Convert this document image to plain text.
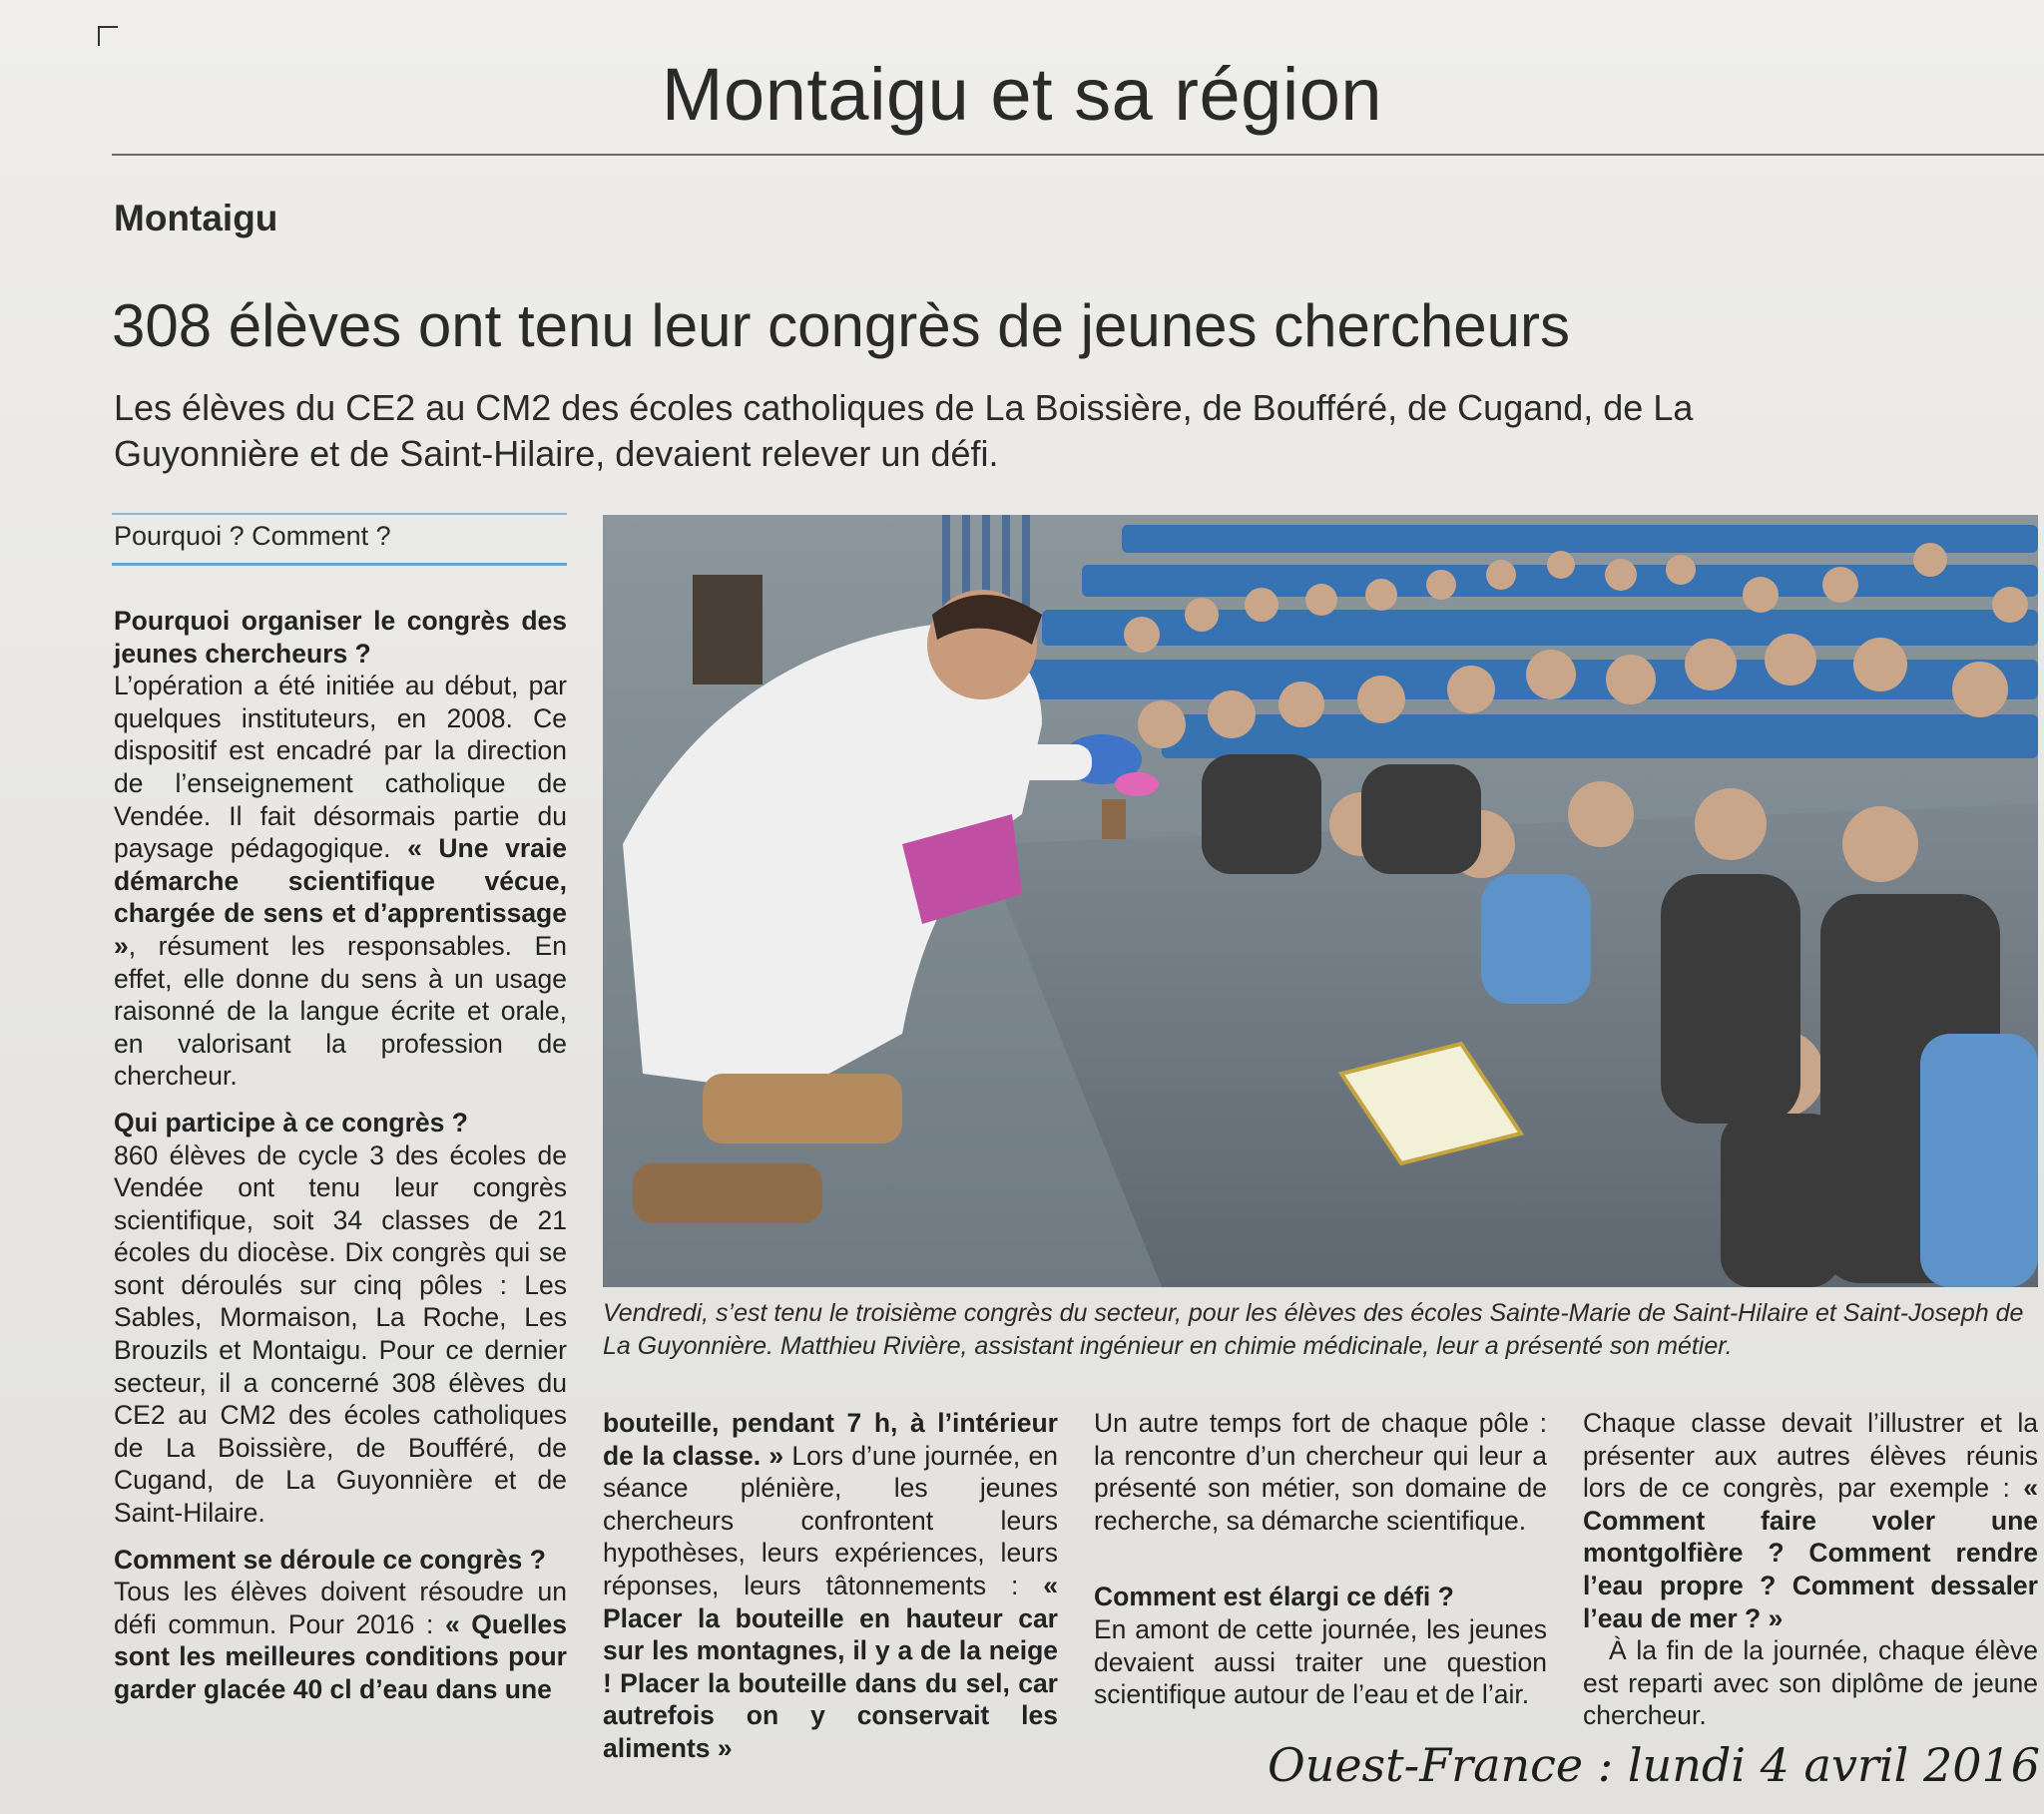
Montaigu et sa région
Montaigu
308 élèves ont tenu leur congrès de jeunes chercheurs
Les élèves du CE2 au CM2 des écoles catholiques de La Boissière, de Boufféré, de Cugand, de La Guyonnière et de Saint-Hilaire, devaient relever un défi.
Pourquoi ? Comment ?

Pourquoi organiser le congrès des jeunes chercheurs ?

L’opération a été initiée au début, par quelques instituteurs, en 2008. Ce dispositif est encadré par la direction de l’enseignement catholique de Vendée. Il fait désormais partie du paysage pédagogique. « Une vraie démarche scientifique vécue, chargée de sens et d’apprentissage », résument les responsables. En effet, elle donne du sens à un usage raisonné de la langue écrite et orale, en valorisant la profession de chercheur.

Qui participe à ce congrès ?

860 élèves de cycle 3 des écoles de Vendée ont tenu leur congrès scientifique, soit 34 classes de 21 écoles du diocèse. Dix congrès qui se sont déroulés sur cinq pôles : Les Sables, Mormaison, La Roche, Les Brouzils et Montaigu. Pour ce dernier secteur, il a concerné 308 élèves du CE2 au CM2 des écoles catholiques de La Boissière, de Boufféré, de Cugand, de La Guyonnière et de Saint-Hilaire.

Comment se déroule ce congrès ?

Tous les élèves doivent résoudre un défi commun. Pour 2016 : « Quelles sont les meilleures conditions pour garder glacée 40 cl d’eau dans une

Vendredi, s’est tenu le troisième congrès du secteur, pour les élèves des écoles Sainte-Marie de Saint-Hilaire et Saint-Joseph de La Guyonnière. Matthieu Rivière, assistant ingénieur en chimie médicinale, leur a présenté son métier.

bouteille, pendant 7 h, à l’intérieur de la classe. » Lors d’une journée, en séance plénière, les jeunes chercheurs confrontent leurs hypothèses, leurs expériences, leurs réponses, leurs tâtonnements : « Placer la bouteille en hauteur car sur les montagnes, il y a de la neige ! Placer la bouteille dans du sel, car autrefois on y conservait les aliments »

Un autre temps fort de chaque pôle : la rencontre d’un chercheur qui leur a présenté son métier, son domaine de recherche, sa démarche scientifique.

Comment est élargi ce défi ?

En amont de cette journée, les jeunes devaient aussi traiter une question scientifique autour de l’eau et de l’air.

Chaque classe devait l’illustrer et la présenter aux autres élèves réunis lors de ce congrès, par exemple : « Comment faire voler une montgolfière ? Comment rendre l’eau propre ? Comment dessaler l’eau de mer ? »

À la fin de la journée, chaque élève est reparti avec son diplôme de jeune chercheur.

Ouest-France : lundi 4 avril 2016
